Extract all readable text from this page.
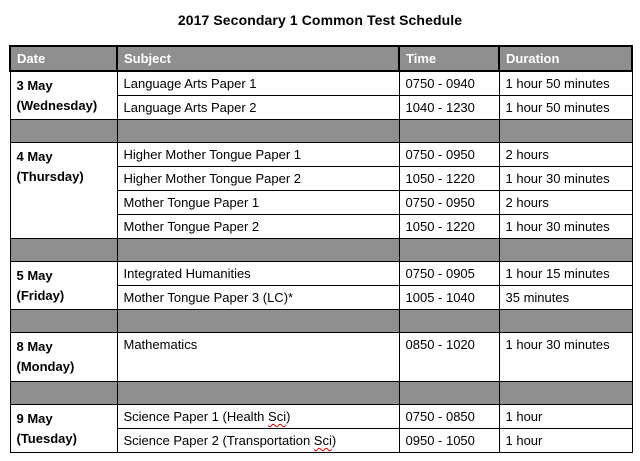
2017 Secondary 1 Common Test Schedule
Date	Subject	Time	Duration

3 May
(Wednesday)	Language Arts Paper 1	0750 - 0940	1 hour 50 minutes
	Language Arts Paper 2	1040 - 1230	1 hour 50 minutes

4 May
(Thursday)	Higher Mother Tongue Paper 1	0750 - 0950	2 hours
	Higher Mother Tongue Paper 2	1050 - 1220	1 hour 30 minutes
	Mother Tongue Paper 1	0750 - 0950	2 hours
	Mother Tongue Paper 2	1050 - 1220	1 hour 30 minutes

5 May
(Friday)	Integrated Humanities	0750 - 0905	1 hour 15 minutes
	Mother Tongue Paper 3 (LC)*	1005 - 1040	35 minutes

8 May
(Monday)	Mathematics	0850 - 1020	1 hour 30 minutes

9 May
(Tuesday)	Science Paper 1 (Health Sci)	0750 - 0850	1 hour
	Science Paper 2 (Transportation Sci)	0950 - 1050	1 hour
